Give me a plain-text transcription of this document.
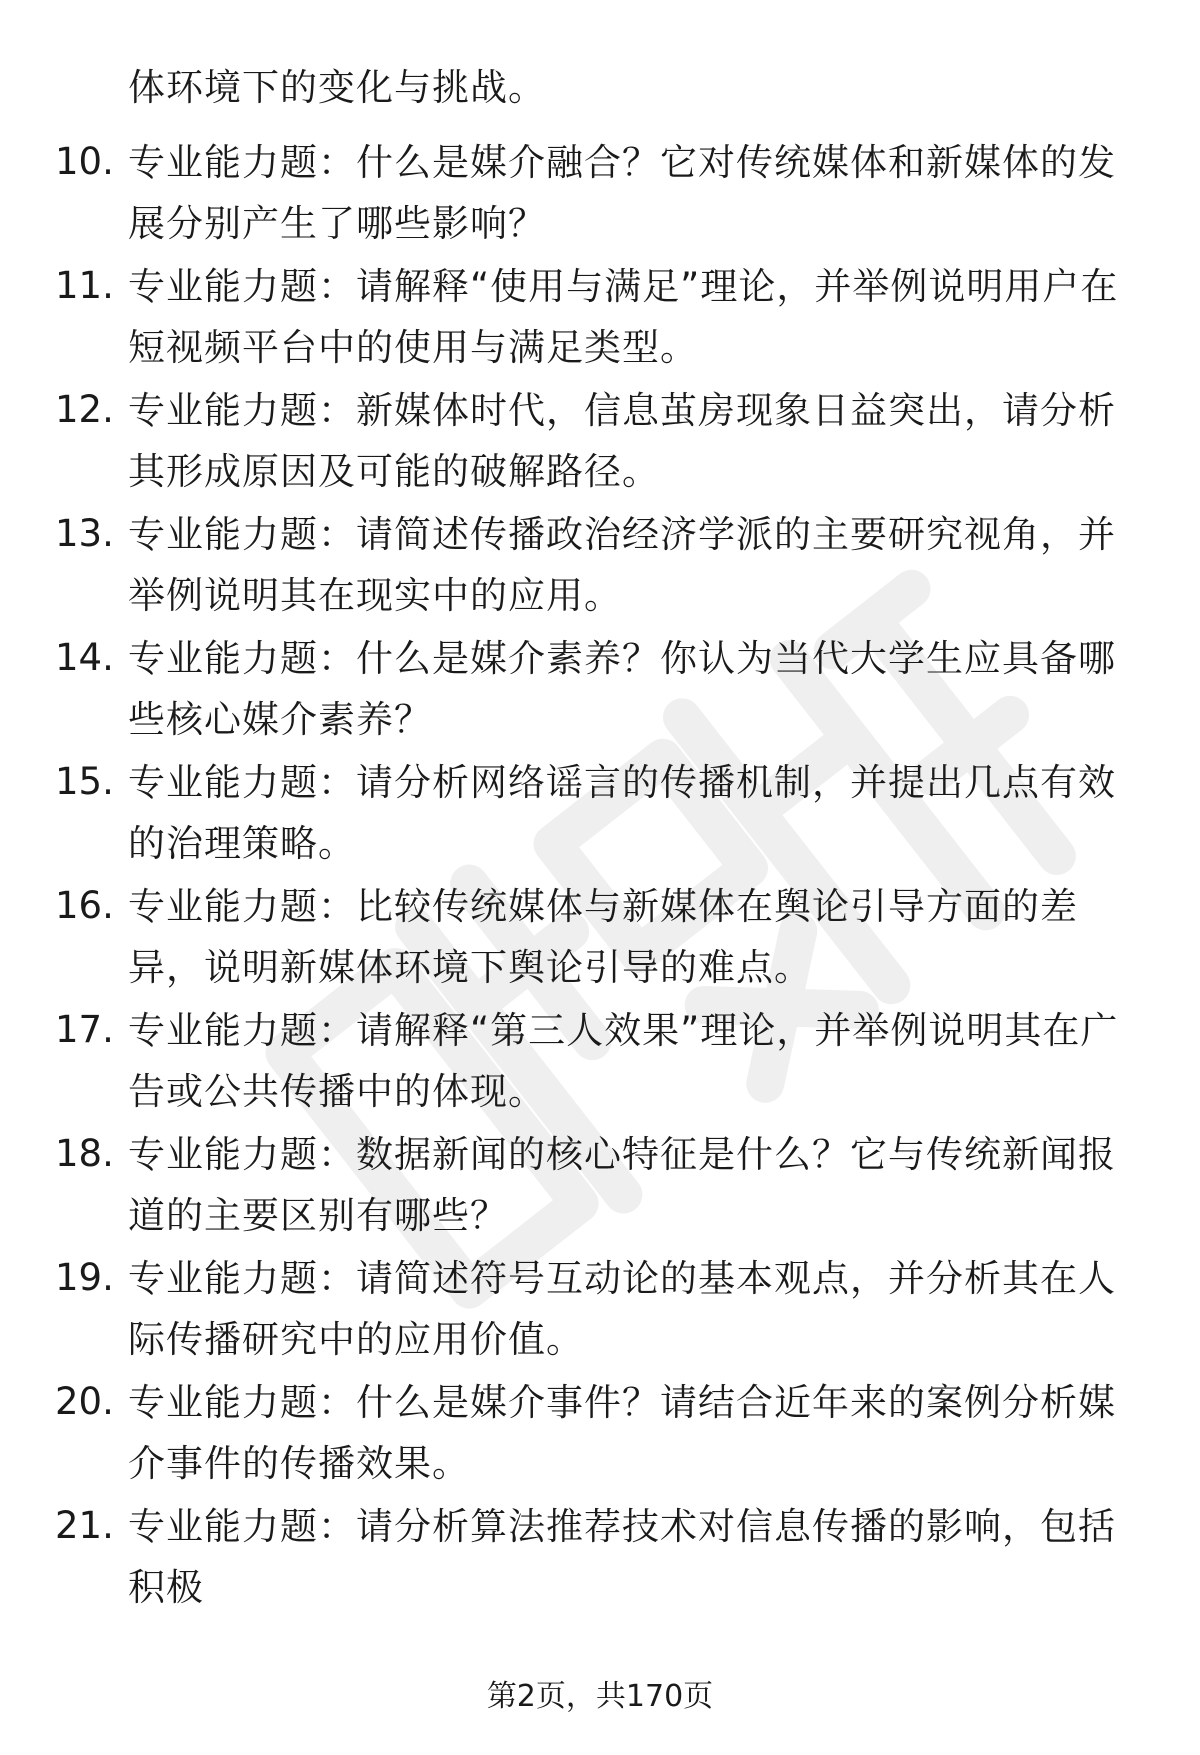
体环境下的变化与挑战。
10. 专业能力题：什么是媒介融合？它对传统媒体和新媒体的发展分别产生了哪些影响？
11. 专业能力题：请解释“使用与满足”理论，并举例说明用户在短视频平台中的使用与满足类型。
12. 专业能力题：新媒体时代，信息茧房现象日益突出，请分析其形成原因及可能的破解路径。
13. 专业能力题：请简述传播政治经济学派的主要研究视角，并举例说明其在现实中的应用。
14. 专业能力题：什么是媒介素养？你认为当代大学生应具备哪些核心媒介素养？
15. 专业能力题：请分析网络谣言的传播机制，并提出几点有效的治理策略。
16. 专业能力题：比较传统媒体与新媒体在舆论引导方面的差异，说明新媒体环境下舆论引导的难点。
17. 专业能力题：请解释“第三人效果”理论，并举例说明其在广告或公共传播中的体现。
18. 专业能力题：数据新闻的核心特征是什么？它与传统新闻报道的主要区别有哪些？
19. 专业能力题：请简述符号互动论的基本观点，并分析其在人际传播研究中的应用价值。
20. 专业能力题：什么是媒介事件？请结合近年来的案例分析媒介事件的传播效果。
21. 专业能力题：请分析算法推荐技术对信息传播的影响，包括积极
第2页，共170页
